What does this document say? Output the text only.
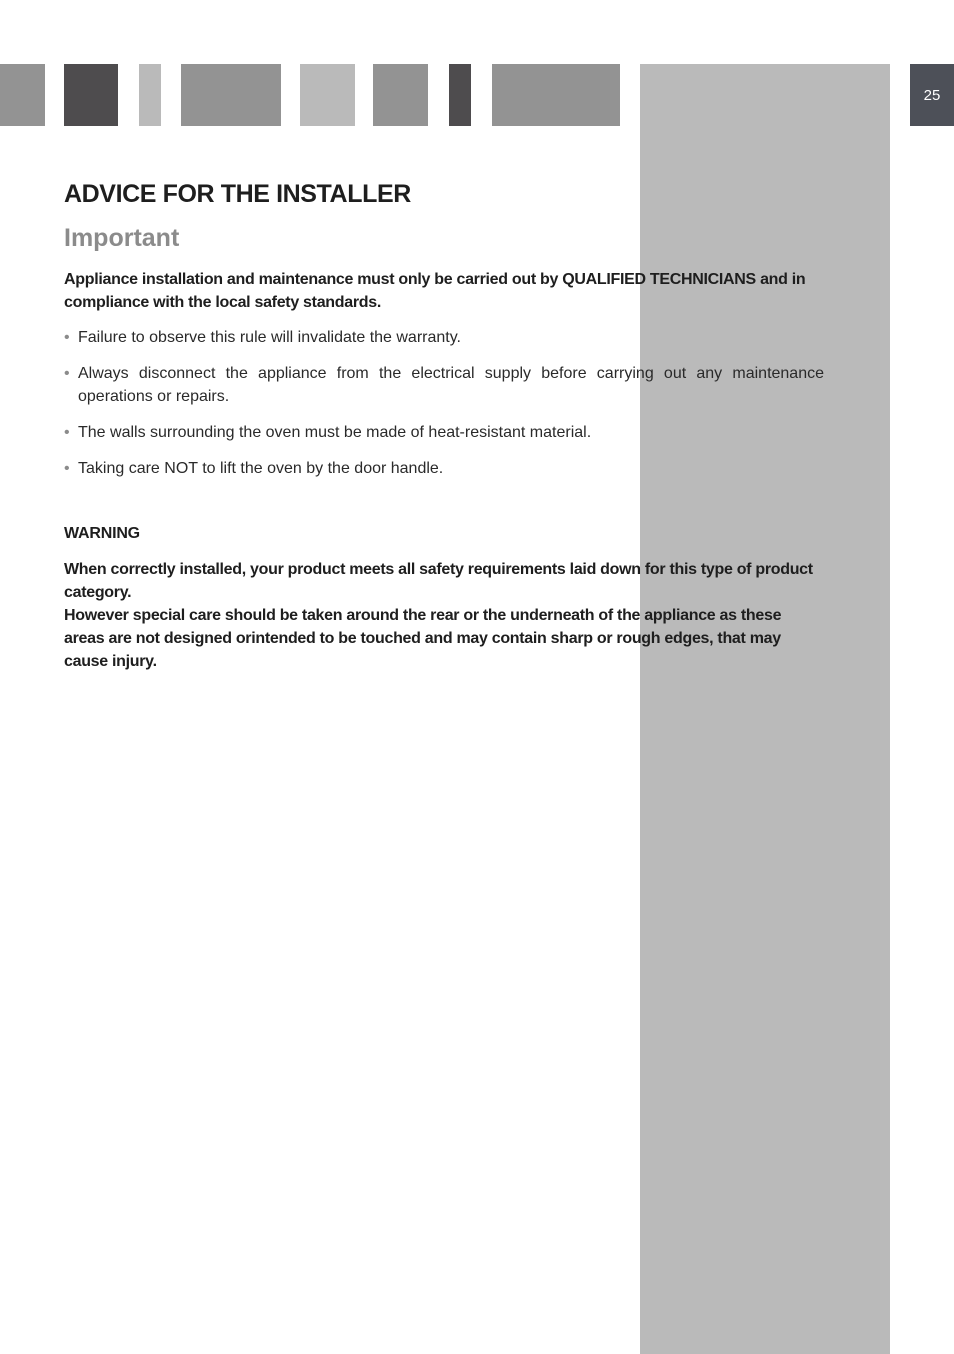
25
ADVICE FOR THE INSTALLER
Important

Appliance installation and maintenance must only be carried out by QUALIFIED TECHNICIANS and in compliance with the local safety standards.

• Failure to observe this rule will invalidate the warranty.
• Always disconnect the appliance from the electrical supply before carrying out any maintenance operations or repairs.
• The walls surrounding the oven must be made of heat-resistant material.
• Taking care NOT to lift the oven by the door handle.

WARNING

When correctly installed, your product meets all safety requirements laid down for this type of product category.
However special care should be taken around the rear or the underneath of the appliance as these areas are not designed orintended to be touched and may contain sharp or rough edges, that may cause injury.
